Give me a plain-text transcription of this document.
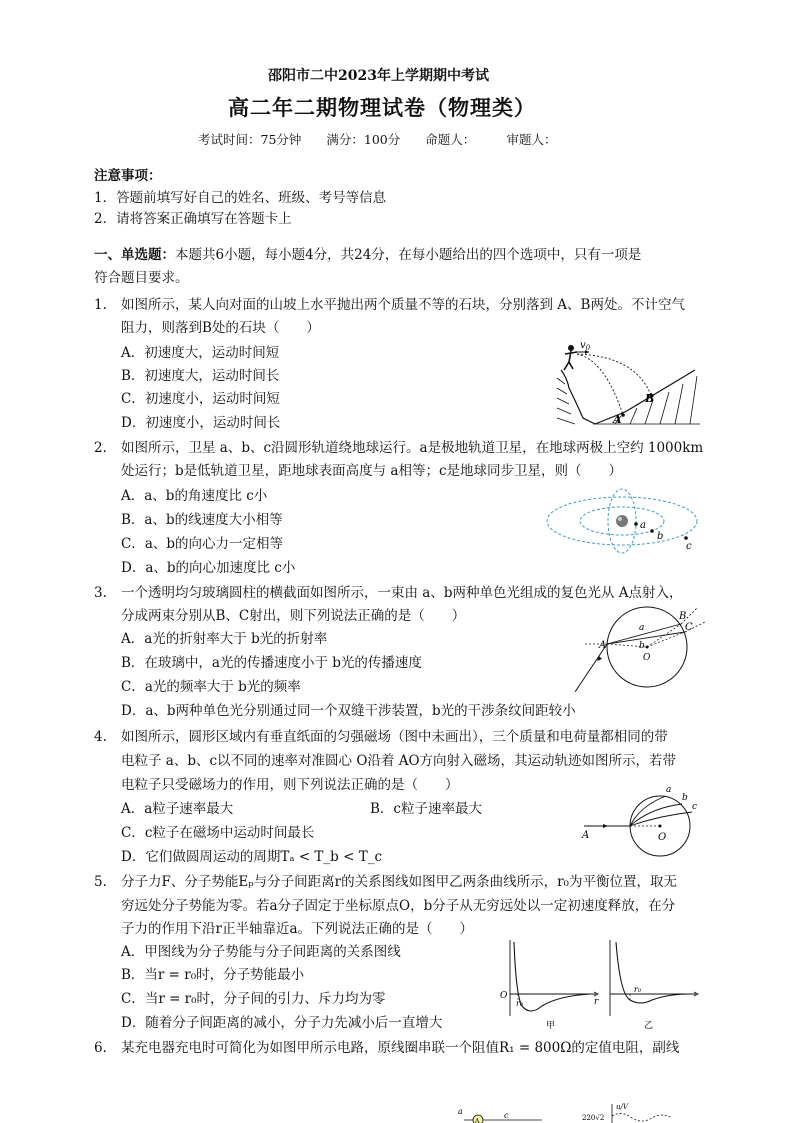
邵阳市二中2023年上学期期中考试
高二年二期物理试卷（物理类）
考试时间：75分钟　　满分：100分　　命题人：　　　审题人：
注意事项：
1．答题前填写好自己的姓名、班级、考号等信息
2．请将答案正确填写在答题卡上
一、单选题：本题共6小题，每小题4分，共24分，在每小题给出的四个选项中，只有一项是
符合题目要求。
1. 如图所示，某人向对面的山坡上水平抛出两个质量不等的石块，分别落到 A、B两处。不计空气
阻力，则落到B处的石块（　　）
A．初速度大，运动时间短
B．初速度大，运动时间长
C．初速度小，运动时间短
D．初速度小，运动时间长
$v_0$
A
B
2. 如图所示，卫星 a、b、c沿圆形轨道绕地球运行。a是极地轨道卫星，在地球两极上空约 1000km
处运行；b是低轨道卫星，距地球表面高度与 a相等；c是地球同步卫星，则（　　）
A．a、b的角速度比 c小
B．a、b的线速度大小相等
C．a、b的向心力一定相等
D．a、b的向心加速度比 c小
a
b
c
3. 一个透明均匀玻璃圆柱的横截面如图所示，一束由 a、b两种单色光组成的复色光从 A点射入，
分成两束分别从B、C射出，则下列说法正确的是（　　）
A．a光的折射率大于 b光的折射率
B．在玻璃中，a光的传播速度小于 b光的传播速度
C．a光的频率大于 b光的频率
D．a、b两种单色光分别通过同一个双缝干涉装置，b光的干涉条纹间距较小
A
B
C
a
b
O
4. 如图所示，圆形区域内有垂直纸面的匀强磁场（图中未画出），三个质量和电荷量都相同的带
电粒子 a、b、c以不同的速率对准圆心 O沿着 AO方向射入磁场，其运动轨迹如图所示，若带
电粒子只受磁场力的作用，则下列说法正确的是（　　）
A．a粒子速率最大	B．c粒子速率最大
C．c粒子在磁场中运动时间最长
D．它们做圆周运动的周期Tₐ < T_b < T_c
A	O
a
b
c
5. 分子力F、分子势能Eₚ与分子间距离r的关系图线如图甲乙两条曲线所示，r₀为平衡位置，取无
穷远处分子势能为零。若a分子固定于坐标原点O，b分子从无穷远处以一定初速度释放，在分
子力的作用下沿r正半轴靠近a。下列说法正确的是（　　）
A．甲图线为分子势能与分子间距离的关系图线
B．当r = r₀时，分子势能最小
C．当r = r₀时，分子间的引力、斥力均为零
D．随着分子间距离的减小，分子力先减小后一直增大
O
r₀	r
甲
r₀
乙
6. 某充电器充电时可简化为如图甲所示电路，原线圈串联一个阻值R₁ = 800Ω的定值电阻，副线
a
A
c	220√2
u/V
